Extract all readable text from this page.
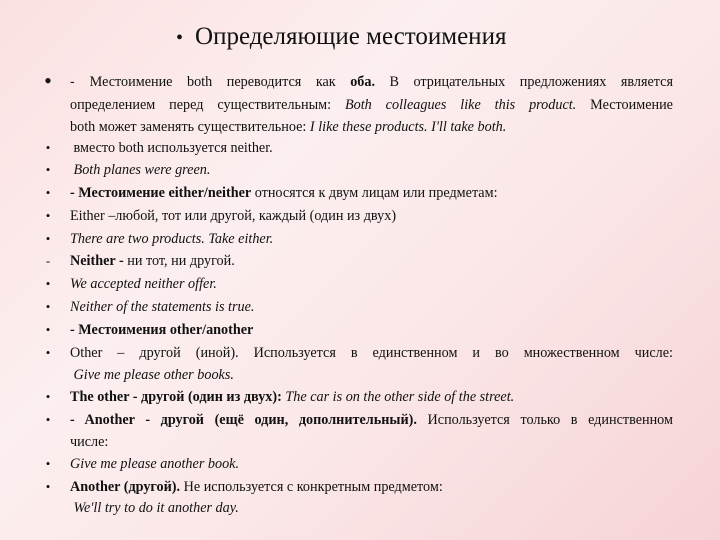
• Определяющие местоимения
• - Местоимение both переводится как оба. В отрицательных предложениях является
определением перед существительным: Both colleagues like this product. Местоимение
both может заменять существительное: I like these products. I'll take both.
• вместо both используется neither.
• Both planes were green.
• - Местоимение either/neither относятся к двум лицам или предметам:
• Either –любой, тот или другой, каждый (один из двух)
• There are two products. Take either.
- Neither - ни тот, ни другой.
• We accepted neither offer.
• Neither of the statements is true.
• - Местоимения other/another
• Other – другой (иной). Используется в единственном и во множественном числе:
Give me please other books.
• The other - другой (один из двух): The car is on the other side of the street.
• - Another - другой (ещё один, дополнительный). Используется только в единственном
числе:
• Give me please another book.
• Another (другой). Не используется с конкретным предметом:
We'll try to do it another day.
